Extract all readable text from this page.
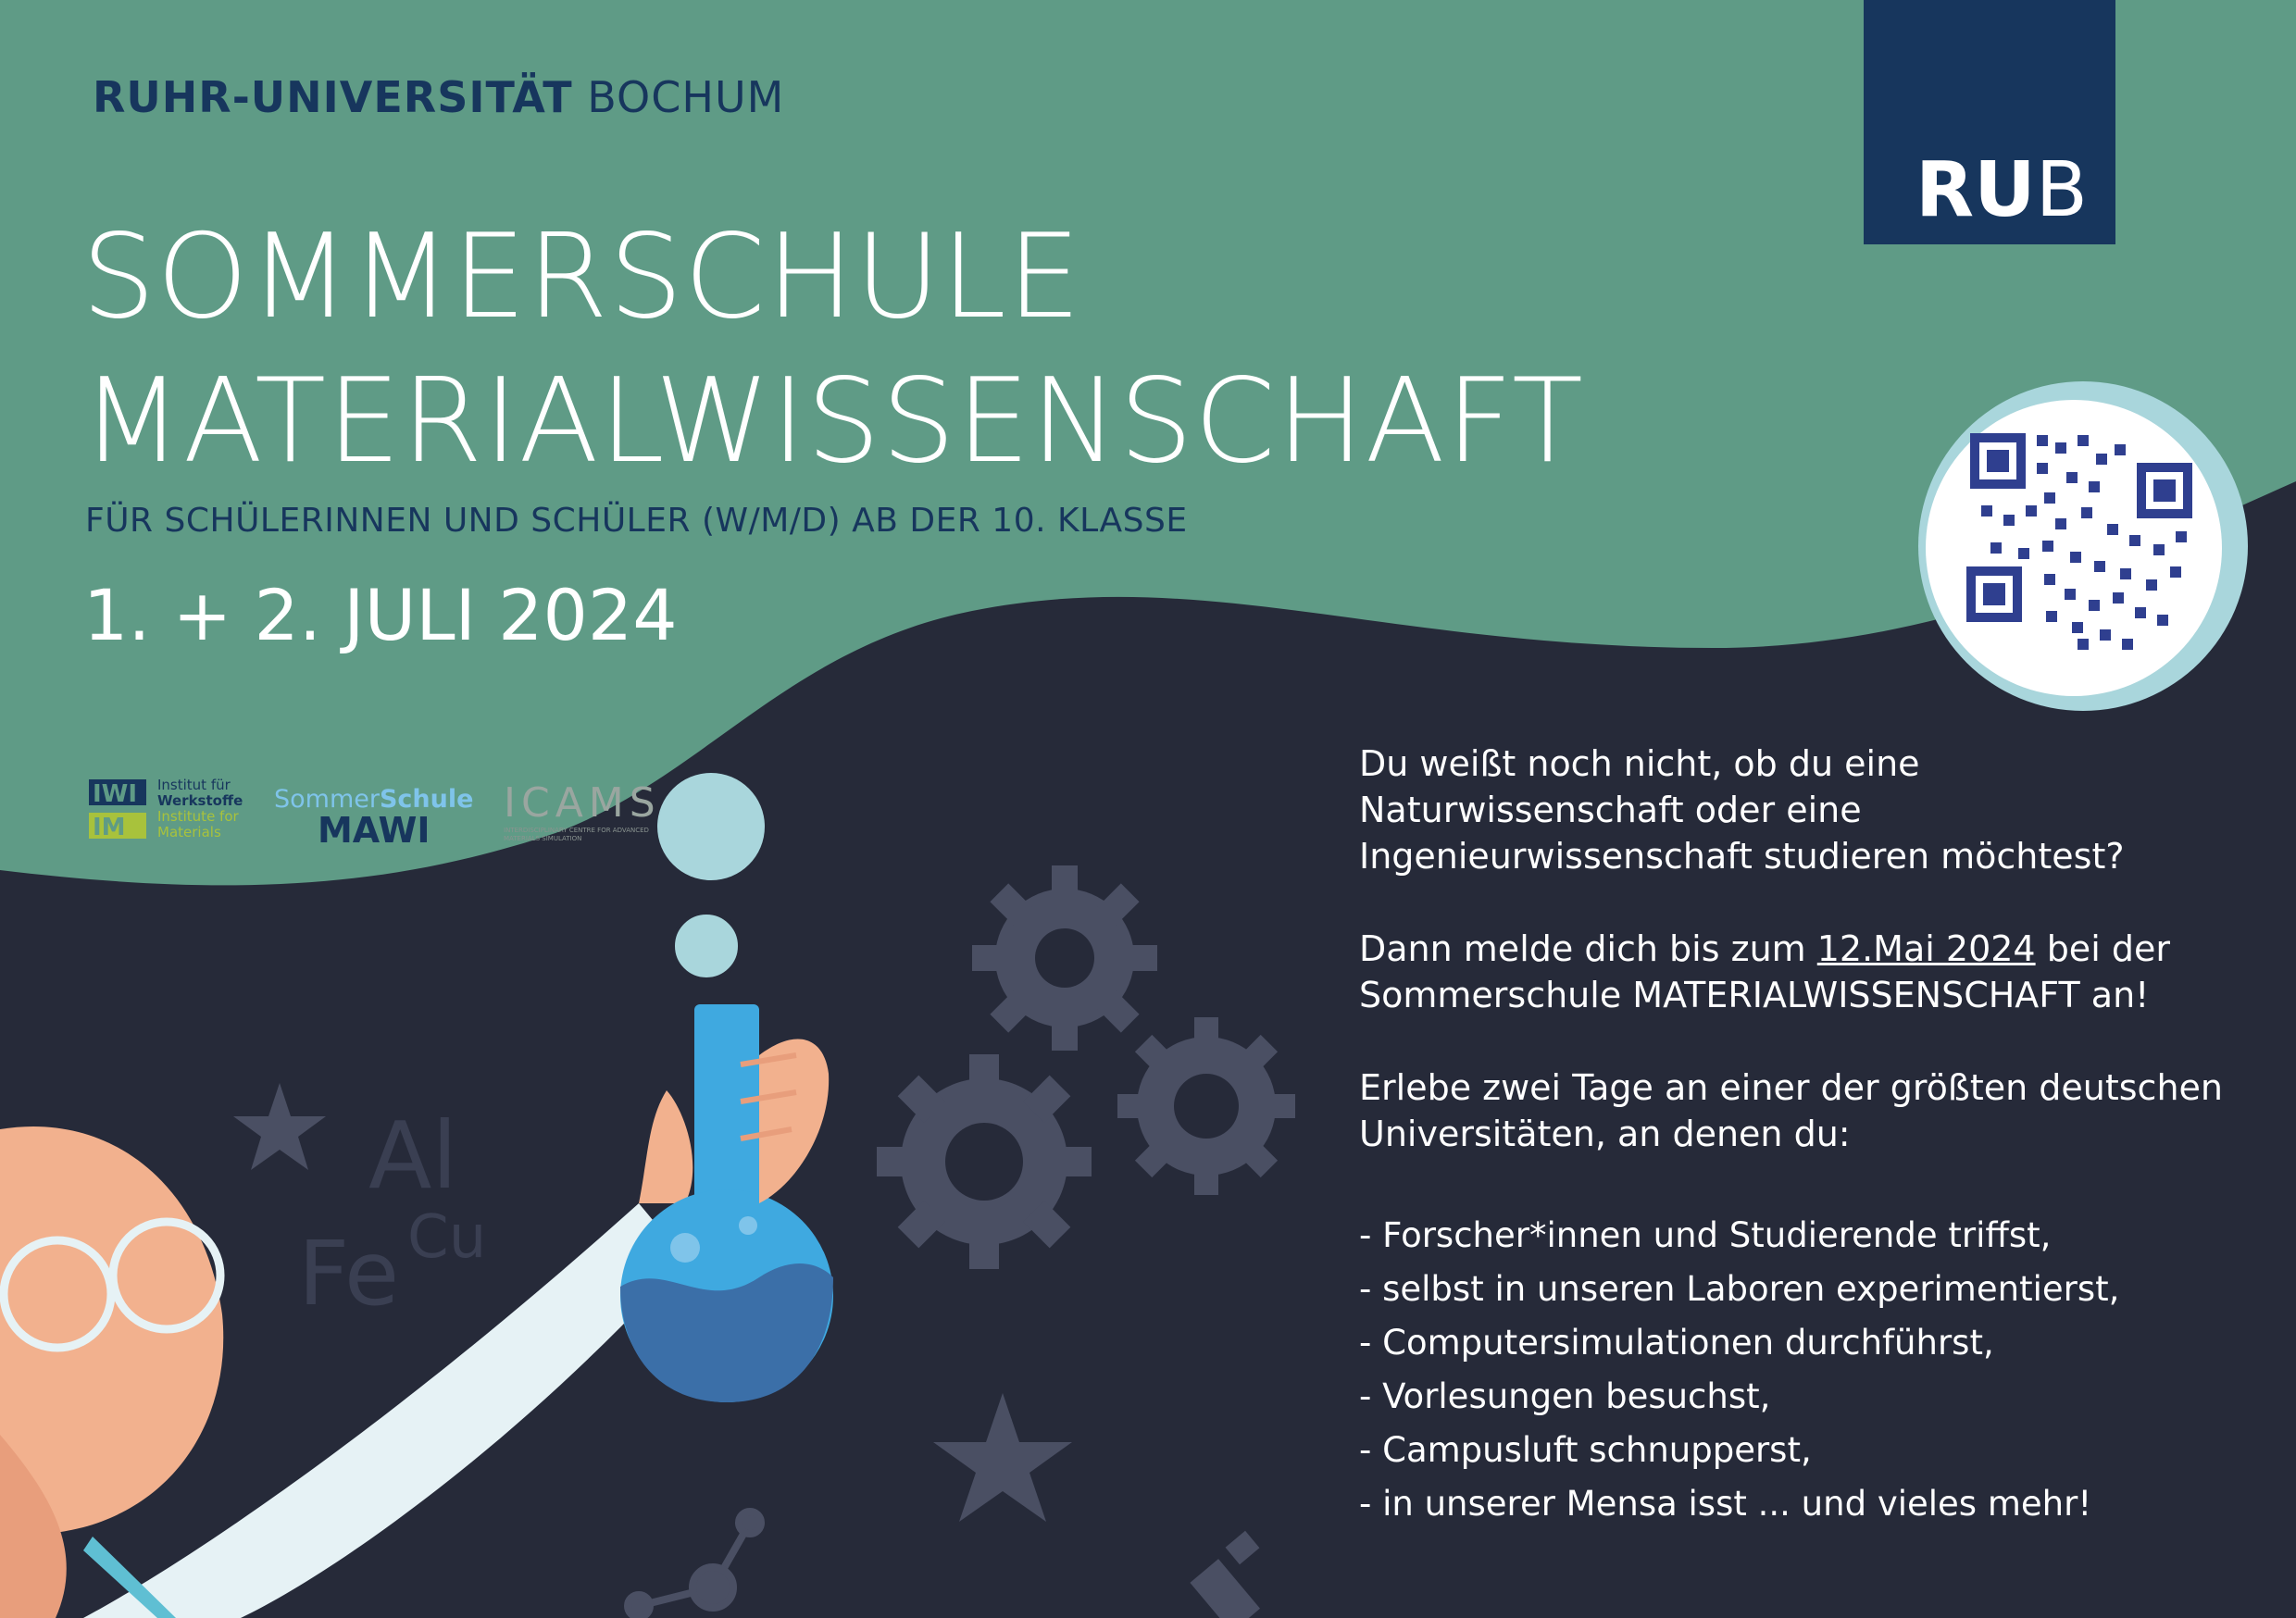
IWI
IM
RUHR-UNIVERSITÄT BOCHUM
RUB
SOMMERSCHULE
MATERIALWISSENSCHAFT
FÜR SCHÜLERINNEN UND SCHÜLER (W/M/D) AB DER 10. KLASSE
1. + 2. JULI 2024
Institut für
Werkstoffe
Institute for
Materials
SommerSchule
MAWI
ICAMS
INTERDISCIPLINARY CENTRE FOR ADVANCED MATERIALS SIMULATION
Al
Fe Cu

Du weißt noch nicht, ob du eine Naturwissenschaft oder eine Ingenieurwissenschaft studieren möchtest?

Dann melde dich bis zum 12.Mai 2024 bei der Sommerschule MATERIALWISSENSCHAFT an!

Erlebe zwei Tage an einer der größten deutschen Universitäten, an denen du:

- Forscher*innen und Studierende triffst,
- selbst in unseren Laboren experimentierst,
- Computersimulationen durchführst,
- Vorlesungen besuchst,
- Campusluft schnupperst,
- in unserer Mensa isst ... und vieles mehr!
